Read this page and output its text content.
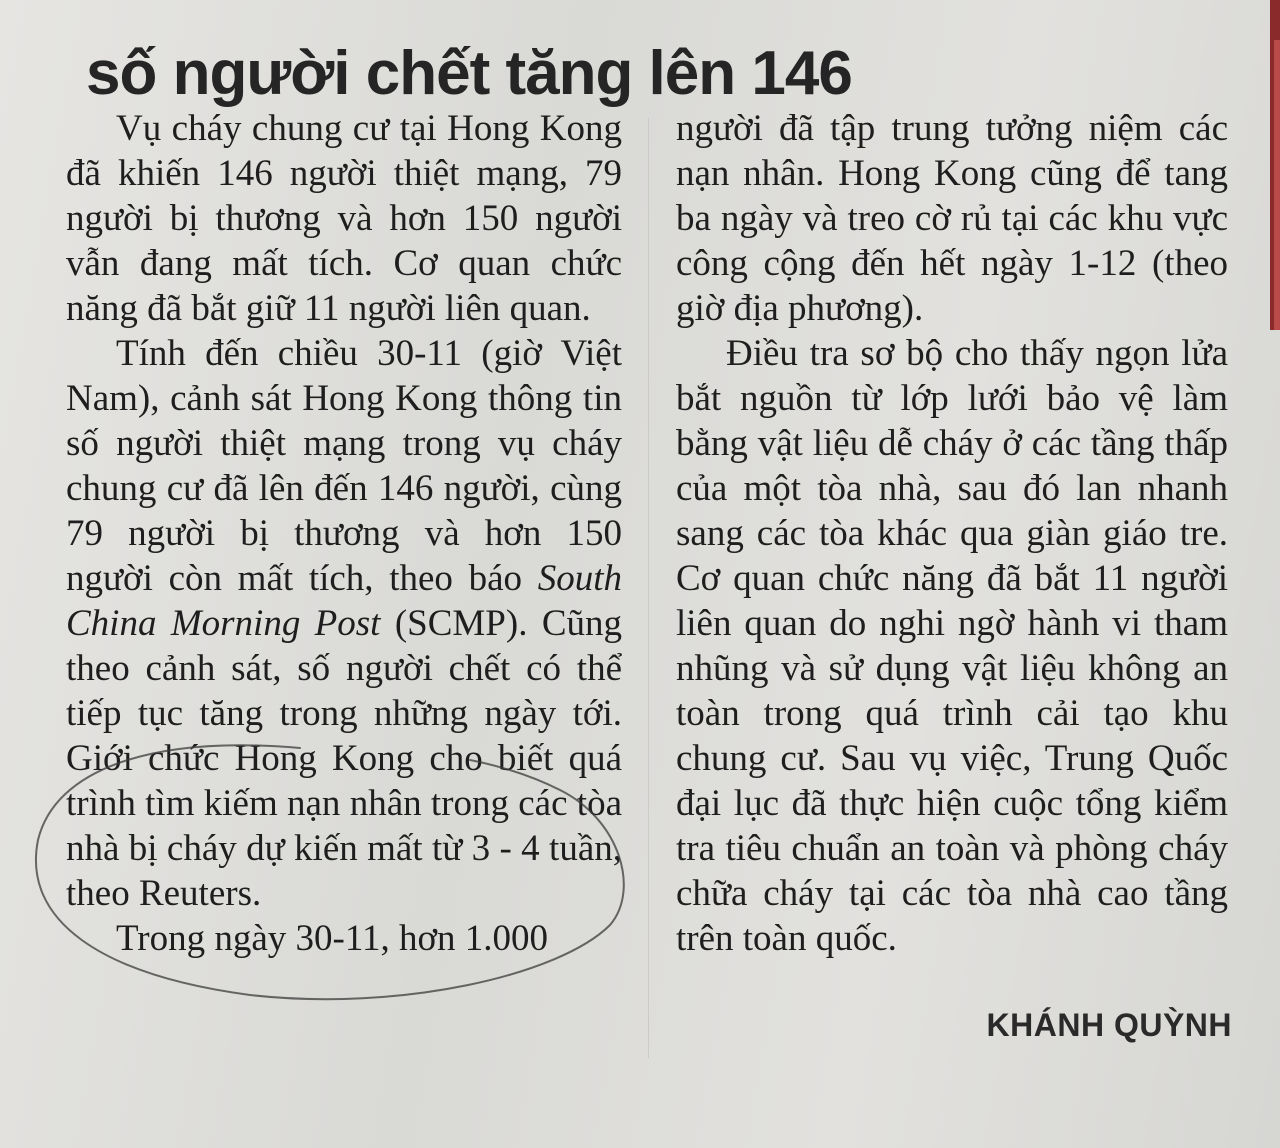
số người chết tăng lên 146

Vụ cháy chung cư tại Hong Kong đã khiến 146 người thiệt mạng, 79 người bị thương và hơn 150 người vẫn đang mất tích. Cơ quan chức năng đã bắt giữ 11 người liên quan.

Tính đến chiều 30-11 (giờ Việt Nam), cảnh sát Hong Kong thông tin số người thiệt mạng trong vụ cháy chung cư đã lên đến 146 người, cùng 79 người bị thương và hơn 150 người còn mất tích, theo báo South China Morning Post (SCMP). Cũng theo cảnh sát, số người chết có thể tiếp tục tăng trong những ngày tới. Giới chức Hong Kong cho biết quá trình tìm kiếm nạn nhân trong các tòa nhà bị cháy dự kiến mất từ 3 - 4 tuần, theo Reuters.

Trong ngày 30-11, hơn 1.000

người đã tập trung tưởng niệm các nạn nhân. Hong Kong cũng để tang ba ngày và treo cờ rủ tại các khu vực công cộng đến hết ngày 1-12 (theo giờ địa phương).

Điều tra sơ bộ cho thấy ngọn lửa bắt nguồn từ lớp lưới bảo vệ làm bằng vật liệu dễ cháy ở các tầng thấp của một tòa nhà, sau đó lan nhanh sang các tòa khác qua giàn giáo tre. Cơ quan chức năng đã bắt 11 người liên quan do nghi ngờ hành vi tham nhũng và sử dụng vật liệu không an toàn trong quá trình cải tạo khu chung cư. Sau vụ việc, Trung Quốc đại lục đã thực hiện cuộc tổng kiểm tra tiêu chuẩn an toàn và phòng cháy chữa cháy tại các tòa nhà cao tầng trên toàn quốc.

KHÁNH QUỲNH
